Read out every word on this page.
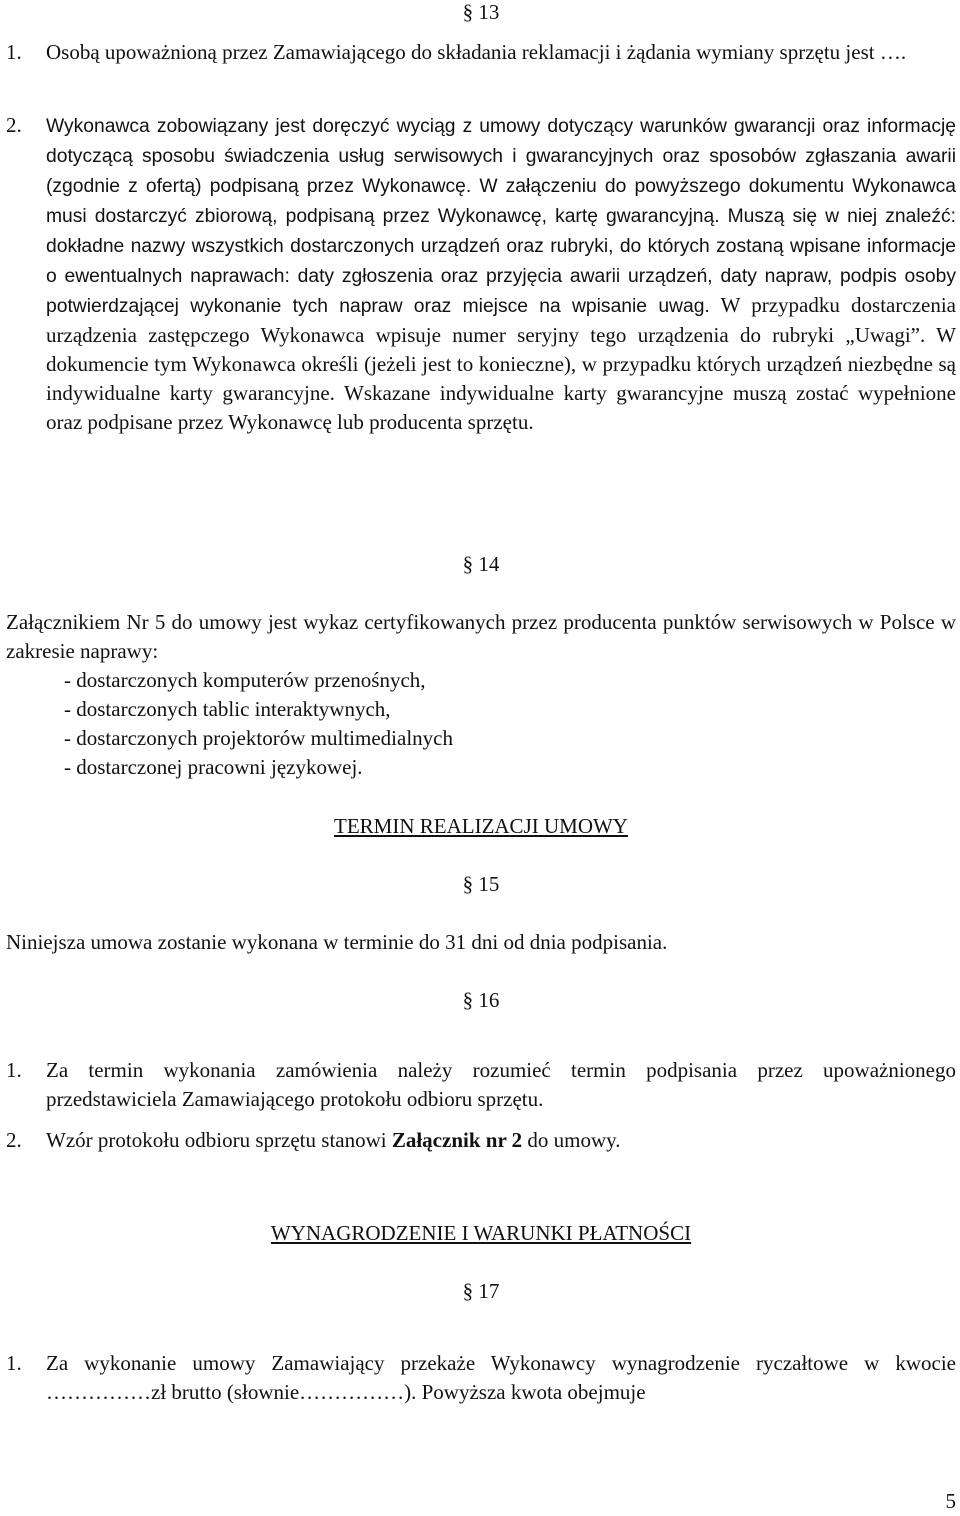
§ 13
1.	Osobą upoważnioną przez Zamawiającego do składania reklamacji i żądania wymiany sprzętu jest ….
2.	Wykonawca zobowiązany jest doręczyć wyciąg z umowy dotyczący warunków gwarancji oraz informację dotyczącą sposobu świadczenia usług serwisowych i gwarancyjnych oraz sposobów zgłaszania awarii (zgodnie z ofertą) podpisaną przez Wykonawcę. W załączeniu do powyższego dokumentu Wykonawca musi dostarczyć zbiorową, podpisaną przez Wykonawcę, kartę gwarancyjną. Muszą się w niej znaleźć: dokładne nazwy wszystkich dostarczonych urządzeń oraz rubryki, do których zostaną wpisane informacje o ewentualnych naprawach: daty zgłoszenia oraz przyjęcia awarii urządzeń, daty napraw, podpis osoby potwierdzającej wykonanie tych napraw oraz miejsce na wpisanie uwag. W przypadku dostarczenia urządzenia zastępczego Wykonawca wpisuje numer seryjny tego urządzenia do rubryki „Uwagi”. W dokumencie tym Wykonawca określi (jeżeli jest to konieczne), w przypadku których urządzeń niezbędne są indywidualne karty gwarancyjne. Wskazane indywidualne karty gwarancyjne muszą zostać wypełnione oraz podpisane przez Wykonawcę lub producenta sprzętu.
§ 14
Załącznikiem Nr 5 do umowy jest wykaz certyfikowanych przez producenta punktów serwisowych w Polsce w zakresie naprawy:
- dostarczonych komputerów przenośnych,
- dostarczonych tablic interaktywnych,
- dostarczonych projektorów multimedialnych
- dostarczonej pracowni językowej.
TERMIN REALIZACJI UMOWY
§ 15
Niniejsza umowa zostanie wykonana w terminie do 31 dni od dnia podpisania.
§ 16
1.	Za termin wykonania zamówienia należy rozumieć termin podpisania przez upoważnionego przedstawiciela Zamawiającego protokołu odbioru sprzętu.
2.	Wzór protokołu odbioru sprzętu stanowi Załącznik nr 2 do umowy.
WYNAGRODZENIE I WARUNKI PŁATNOŚCI
§ 17
1.	Za wykonanie umowy Zamawiający przekaże Wykonawcy wynagrodzenie ryczałtowe w kwocie ……………zł brutto (słownie……………). Powyższa kwota obejmuje
5
